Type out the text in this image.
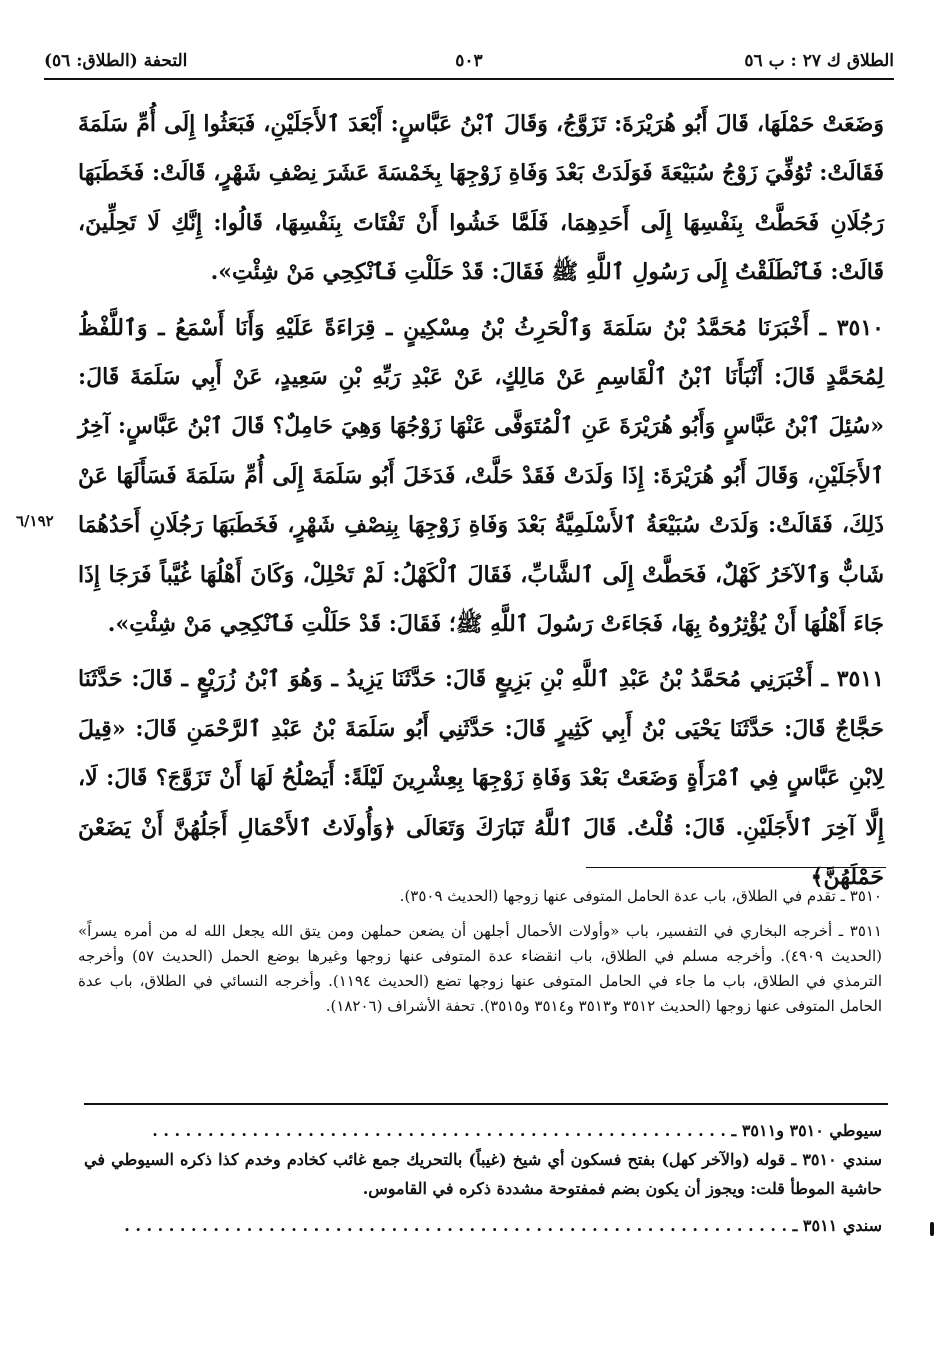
الطلاق ك ٢٧ : ب ٥٦
٥٠٣
التحفة (الطلاق: ٥٦)

وَضَعَتْ حَمْلَهَا، قَالَ أَبُو هُرَيْرَةَ: تَزَوَّجُ، وَقَالَ ٱبْنُ عَبَّاسٍ: أَبْعَدَ ٱلأَجَلَيْنِ، فَبَعَثُوا إِلَى أُمِّ سَلَمَةَ فَقَالَتْ: تُوُفِّيَ زَوْجُ سُبَيْعَةَ فَوَلَدَتْ بَعْدَ وَفَاةِ زَوْجِهَا بِخَمْسَةَ عَشَرَ نِصْفِ شَهْرٍ، قَالَتْ: فَخَطَبَهَا رَجُلَانِ فَحَطَّتْ بِنَفْسِهَا إِلَى أَحَدِهِمَا، فَلَمَّا خَشُوا أَنْ تَفْتَاتَ بِنَفْسِهَا، قَالُوا: إِنَّكِ لَا تَحِلِّينَ، قَالَتْ: فَٱنْطَلَقْتُ إِلَى رَسُولِ ٱللَّهِ ﷺ فَقَالَ: قَدْ حَلَلْتِ فَٱنْكِحِي مَنْ شِئْتِ».

٣٥١٠ ـ أَخْبَرَنَا مُحَمَّدُ بْنُ سَلَمَةَ وَٱلْحَرِثُ بْنُ مِسْكِينٍ ـ قِرَاءَةً عَلَيْهِ وَأَنَا أَسْمَعُ ـ وَٱللَّفْظُ لِمُحَمَّدٍ قَالَ: أَنْبَأَنَا ٱبْنُ ٱلْقَاسِمِ عَنْ مَالِكٍ، عَنْ عَبْدِ رَبِّهِ بْنِ سَعِيدٍ، عَنْ أَبِي سَلَمَةَ قَالَ: «سُئِلَ ٱبْنُ عَبَّاسٍ وَأَبُو هُرَيْرَةَ عَنِ ٱلْمُتَوَفَّى عَنْهَا زَوْجُهَا وَهِيَ حَامِلٌ؟ قَالَ ٱبْنُ عَبَّاسٍ: آخِرُ ٱلأَجَلَيْنِ، وَقَالَ أَبُو هُرَيْرَةَ: إِذَا وَلَدَتْ فَقَدْ حَلَّتْ، فَدَخَلَ أَبُو سَلَمَةَ إِلَى أُمِّ سَلَمَةَ فَسَأَلَهَا عَنْ ذَلِكَ، فَقَالَتْ: وَلَدَتْ سُبَيْعَةُ ٱلأَسْلَمِيَّةُ بَعْدَ وَفَاةِ زَوْجِهَا بِنِصْفِ شَهْرٍ، فَخَطَبَهَا رَجُلَانِ أَحَدُهُمَا شَابٌّ وَٱلآخَرُ كَهْلٌ، فَحَطَّتْ إِلَى ٱلشَّابِّ، فَقَالَ ٱلْكَهْلُ: لَمْ تَحْلِلْ، وَكَانَ أَهْلُهَا غُيَّباً فَرَجَا إِذَا جَاءَ أَهْلُهَا أَنْ يُؤْثِرُوهُ بِهَا، فَجَاءَتْ رَسُولَ ٱللَّهِ ﷺ؛ فَقَالَ: قَدْ حَلَلْتِ فَٱنْكِحِي مَنْ شِئْتِ».

٣٥١١ ـ أَخْبَرَنِي مُحَمَّدُ بْنُ عَبْدِ ٱللَّهِ بْنِ بَزِيعٍ قَالَ: حَدَّثَنَا يَزِيدُ ـ وَهُوَ ٱبْنُ زُرَيْعٍ ـ قَالَ: حَدَّثَنَا حَجَّاجٌ قَالَ: حَدَّثَنَا يَحْيَى بْنُ أَبِي كَثِيرٍ قَالَ: حَدَّثَنِي أَبُو سَلَمَةَ بْنُ عَبْدِ ٱلرَّحْمَنِ قَالَ: «قِيلَ لِابْنِ عَبَّاسٍ فِي ٱمْرَأَةٍ وَضَعَتْ بَعْدَ وَفَاةِ زَوْجِهَا بِعِشْرِينَ لَيْلَةً: أَيَصْلُحُ لَهَا أَنْ تَزَوَّجَ؟ قَالَ: لَا، إِلَّا آخِرَ ٱلأَجَلَيْنِ. قَالَ: قُلْتُ. قَالَ ٱللَّهُ تَبَارَكَ وَتَعَالَى ﴿وَأُولَاتُ ٱلأَحْمَالِ أَجَلُهُنَّ أَنْ يَضَعْنَ حَمْلَهُنَّ﴾

٦/١٩٢

٣٥١٠ ـ تقدم في الطلاق، باب عدة الحامل المتوفى عنها زوجها (الحديث ٣٥٠٩).

٣٥١١ ـ أخرجه البخاري في التفسير، باب «وأولات الأحمال أجلهن أن يضعن حملهن ومن يتق الله يجعل الله له من أمره يسراً» (الحديث ٤٩٠٩). وأخرجه مسلم في الطلاق، باب انقضاء عدة المتوفى عنها زوجها وغيرها بوضع الحمل (الحديث ٥٧) وأخرجه الترمذي في الطلاق، باب ما جاء في الحامل المتوفى عنها زوجها تضع (الحديث ١١٩٤). وأخرجه النسائي في الطلاق، باب عدة الحامل المتوفى عنها زوجها (الحديث ٣٥١٢ و٣٥١٣ و٣٥١٤ و٣٥١٥). تحفة الأشراف (١٨٢٠٦).

سيوطي ٣٥١٠ و٣٥١١ ـ . . . . . . . . . . . . . . . . . . . . . . . . . . . . . . . . . . . . . . . . . . . . . . . . . . . .

سندي ٣٥١٠ ـ قوله (والآخر كهل) بفتح فسكون أي شيخ (غيباً) بالتحريك جمع غائب كخادم وخدم كذا ذكره السيوطي في حاشية الموطأ قلت: ويجوز أن يكون بضم فمفتوحة مشددة ذكره في القاموس.

سندي ٣٥١١ ـ . . . . . . . . . . . . . . . . . . . . . . . . . . . . . . . . . . . . . . . . . . . . . . . . . . . . . . . . . . . .
